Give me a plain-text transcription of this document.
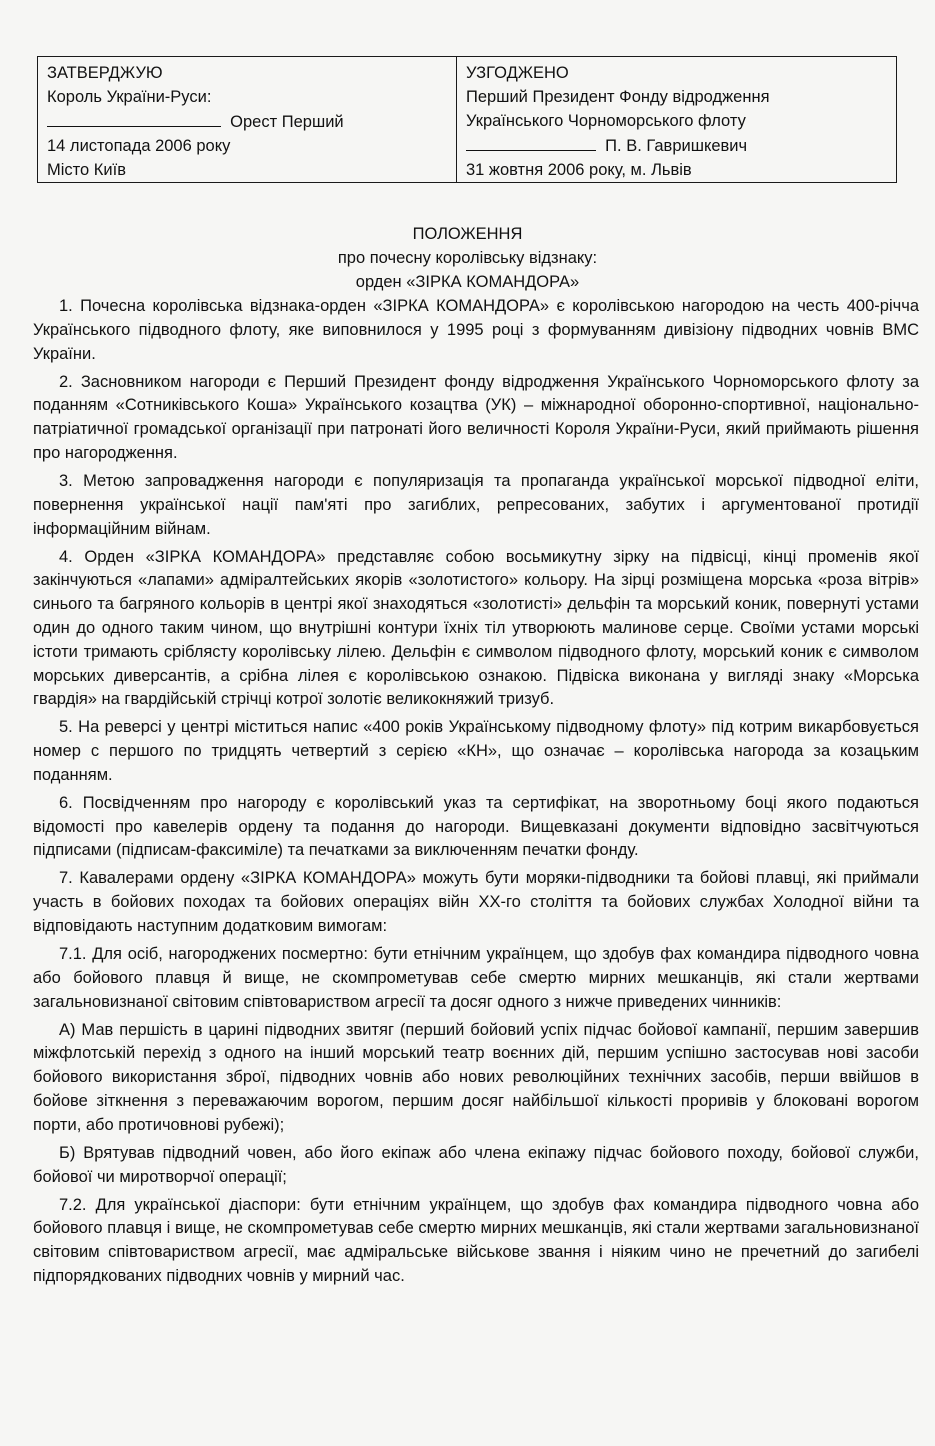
ЗАТВЕРДЖУЮ
Король України-Руси:
Орест Перший
14 листопада 2006 року
Місто Київ

УЗГОДЖЕНО
Перший Президент Фонду відродження
Українського Чорноморського флоту
П. В. Гавришкевич
31 жовтня 2006 року, м. Львів
ПОЛОЖЕННЯ
про почесну королівську відзнаку:
орден «ЗІРКА КОМАНДОРА»

1. Почесна королівська відзнака-орден «ЗІРКА КОМАНДОРА» є королівською нагородою на честь 400-річча Українського підводного флоту, яке виповнилося у 1995 році з формуванням дивізіону підводних човнів ВМС України.

2. Засновником нагороди є Перший Президент фонду відродження Українського Чорноморського флоту за поданням «Сотниківського Коша» Українського козацтва (УК) – міжнародної оборонно-спортивної, національно-патріатичної громадської організації при патронаті його величності Короля України-Руси, який приймають рішення про нагородження.

3. Метою запровадження нагороди є популяризація та пропаганда української морської підводної еліти, повернення української нації пам'яті про загиблих, репресованих, забутих і аргументованої протидії інформаційним війнам.

4. Орден «ЗІРКА КОМАНДОРА» представляє собою восьмикутну зірку на підвісці, кінці променів якої закінчуються «лапами» адміралтейських якорів «золотистого» кольору. На зірці розміщена морська «роза вітрів» синього та багряного кольорів в центрі якої знаходяться «золотисті» дельфін та морський коник, повернуті устами один до одного таким чином, що внутрішні контури їхніх тіл утворюють малинове серце. Своїми устами морські істоти тримають сріблясту королівську лілею. Дельфін є символом підводного флоту, морський коник є символом морських диверсантів, а срібна лілея є королівською ознакою. Підвіска виконана у вигляді знаку «Морська гвардія» на гвардійській стрічці котрої золотіє великокняжий тризуб.

5. На реверсі у центрі міститься напис «400 років Українському підводному флоту» під котрим викарбовується номер с першого по тридцять четвертий з серією «КН», що означає – королівська нагорода за козацьким поданням.

6. Посвідченням про нагороду є королівський указ та сертифікат, на зворотньому боці якого подаються відомості про кавелерів ордену та подання до нагороди. Вищевказані документи відповідно засвітчуються підписами (підписам-факсиміле) та печатками за виключенням печатки фонду.

7. Кавалерами ордену «ЗІРКА КОМАНДОРА» можуть бути моряки-підводники та бойові плавці, які приймали участь в бойових походах та бойових операціях війн XX-го століття та бойових службах Холодної війни та відповідають наступним додатковим вимогам:

7.1. Для осіб, нагороджених посмертно: бути етнічним українцем, що здобув фах командира підводного човна або бойового плавця й вище, не скомпрометував себе смертю мирних мешканців, які стали жертвами загальновизнаної світовим співтовариством агресії та досяг одного з нижче приведених чинників:

А) Мав першість в царині підводних звитяг (перший бойовий успіх підчас бойової кампанії, першим завершив міжфлотській перехід з одного на інший морський театр воєнних дій, першим успішно застосував нові засоби бойового використання зброї, підводних човнів або нових революційних технічних засобів, перши ввійшов в бойове зіткнення з переважаючим ворогом, першим досяг найбільшої кількості проривів у блоковані ворогом порти, або протичовнові рубежі);

Б) Врятував підводний човен, або його екіпаж або члена екіпажу підчас бойового походу, бойової служби, бойової чи миротворчої операції;

7.2. Для української діаспори: бути етнічним українцем, що здобув фах командира підводного човна або бойового плавця і вище, не скомпрометував себе смертю мирних мешканців, які стали жертвами загальновизнаної світовим співтовариством агресії, має адміральське військове звання і ніяким чино не пречетний до загибелі підпорядкованих підводних човнів у мирний час.
